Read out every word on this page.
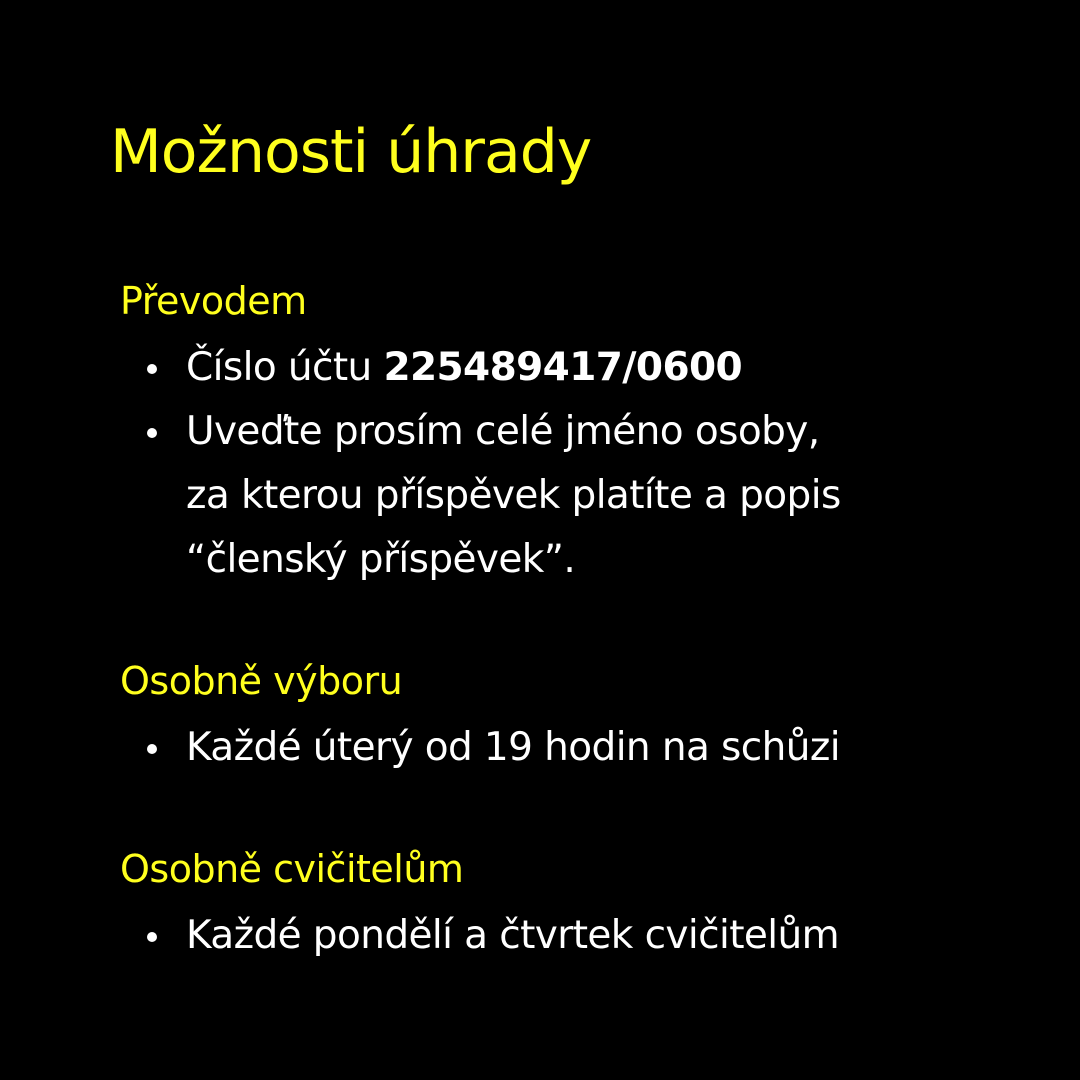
Možnosti úhrady
Převodem
Číslo účtu 225489417/0600
Uveďte prosím celé jméno osoby,
za kterou příspěvek platíte a popis
“členský příspěvek”.
Osobně výboru
Každé úterý od 19 hodin na schůzi
Osobně cvičitelům
Každé pondělí a čtvrtek cvičitelům
